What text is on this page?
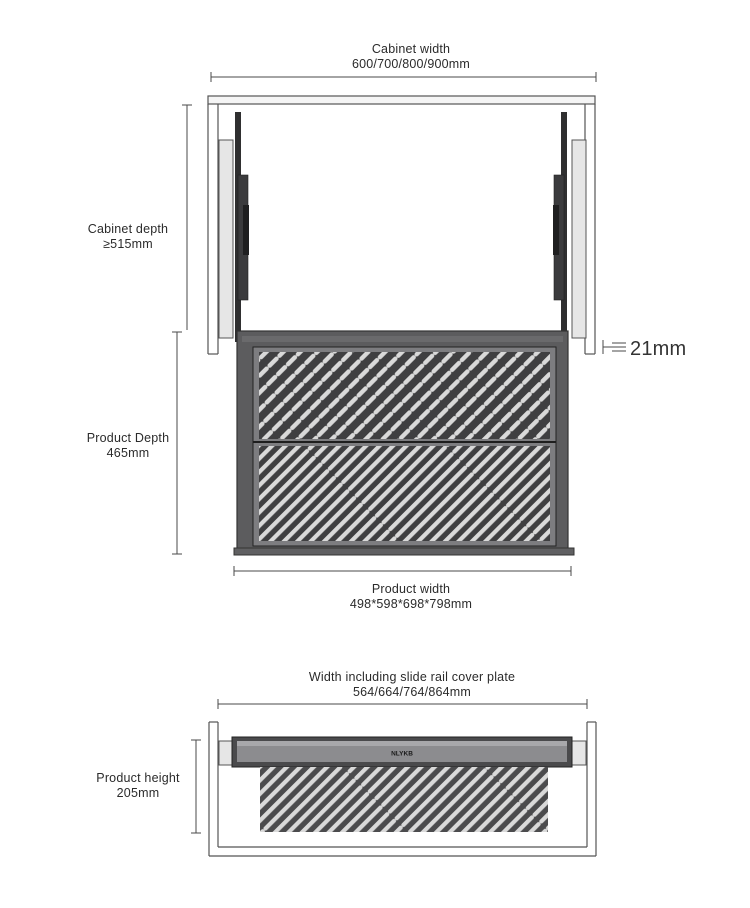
Cabinet width
600/700/800/900mm
Cabinet depth
≥515mm
Product Depth
465mm
21mm
Product width
498*598*698*798mm
Width including slide rail cover plate
564/664/764/864mm
Product height
205mm
NLYKB
